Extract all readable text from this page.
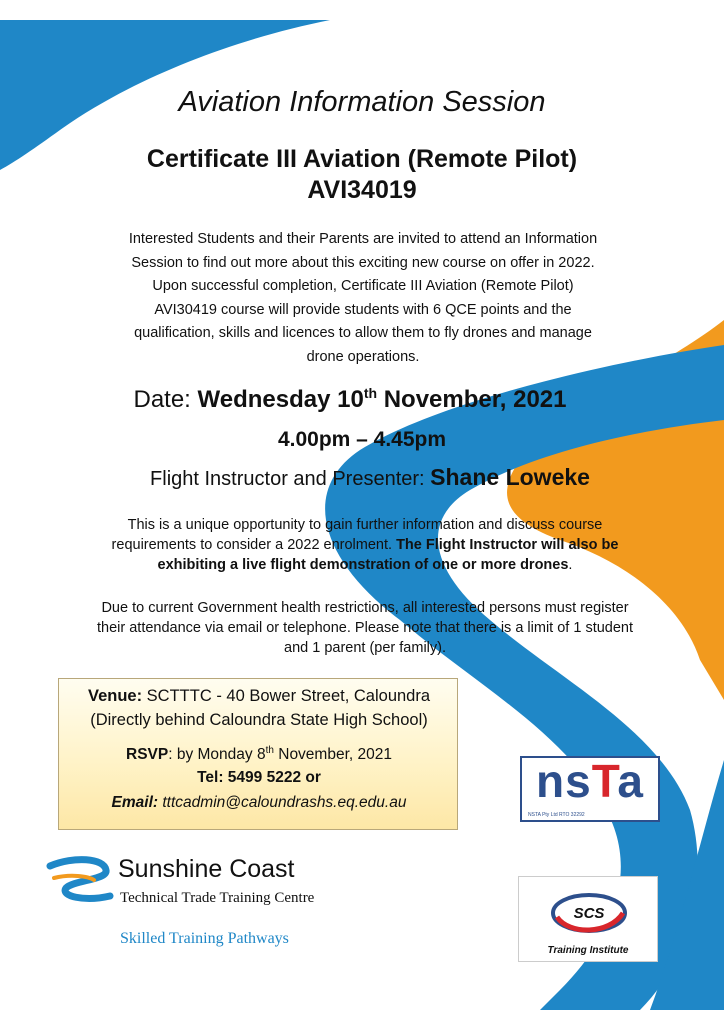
Aviation Information Session
Certificate III Aviation (Remote Pilot)
AVI34019
Interested Students and their Parents are invited to attend an Information
Session to find out more about this exciting new course on offer in 2022.
Upon successful completion, Certificate III Aviation (Remote Pilot)
AVI30419 course will provide students with 6 QCE points and the
qualification, skills and licences to allow them to fly drones and manage
drone operations.
Date: Wednesday 10th November, 2021
4.00pm – 4.45pm
Flight Instructor and Presenter: Shane Loweke
This is a unique opportunity to gain further information and discuss course requirements to consider a 2022 enrolment. The Flight Instructor will also be exhibiting a live flight demonstration of one or more drones.
Due to current Government health restrictions, all interested persons must register their attendance via email or telephone. Please note that there is a limit of 1 student and 1 parent (per family).
Venue: SCTTTC - 40 Bower Street, Caloundra
(Directly behind Caloundra State High School)
RSVP: by Monday 8th November, 2021
Tel: 5499 5222 or
Email: tttcadmin@caloundrashs.eq.edu.au
Sunshine Coast
Technical Trade Training Centre
Skilled Training Pathways
nsTa
NSTA Pty Ltd RTO 32292
SCS
Training Institute
